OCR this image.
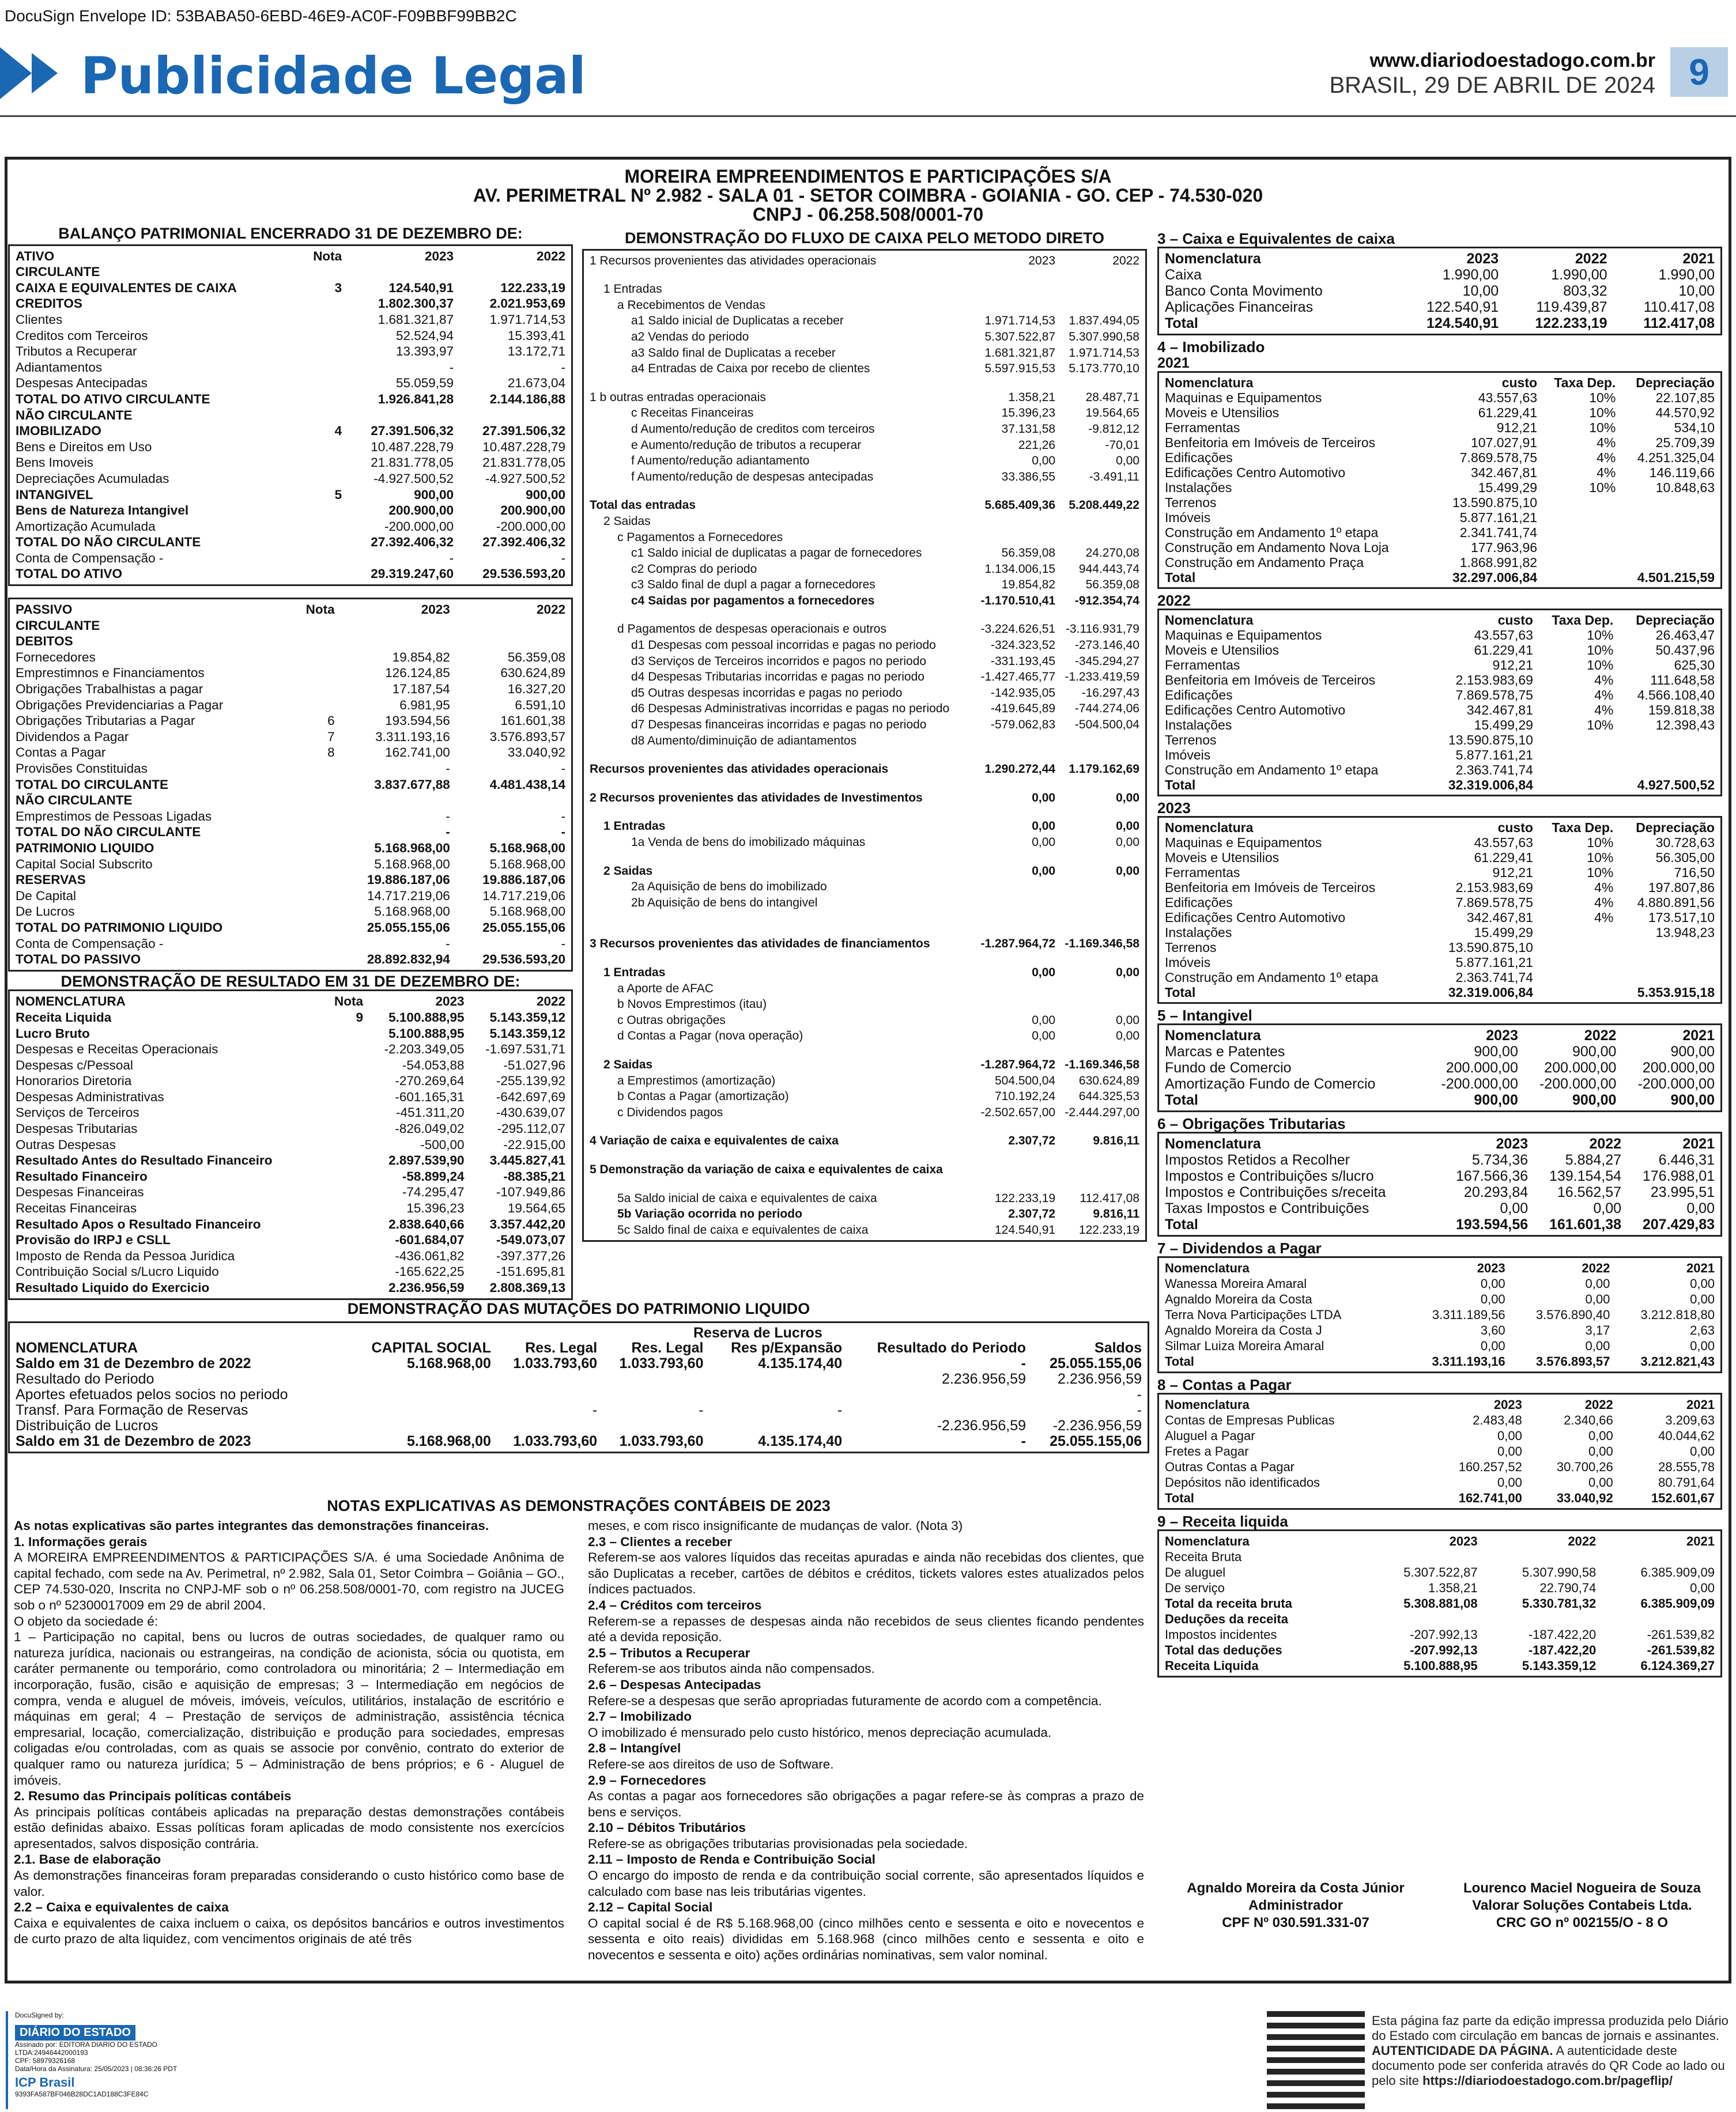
DocuSign Envelope ID: 53BABA50-6EBD-46E9-AC0F-F09BBF99BB2C
Publicidade Legal	www.diariodoestadogo.com.br
BRASIL, 29 DE ABRIL DE 2024 9
MOREIRA EMPREENDIMENTOS E PARTICIPAÇÕES S/A
AV. PERIMETRAL Nº 2.982 - SALA 01 - SETOR COIMBRA - GOIANIA - GO. CEP - 74.530-020
CNPJ - 06.258.508/0001-70
BALANÇO PATRIMONIAL ENCERRADO 31 DE DEZEMBRO DE:
ATIVO	Nota	2023	2022
CIRCULANTE			
CAIXA E EQUIVALENTES DE CAIXA	3	124.540,91	122.233,19
CREDITOS		1.802.300,37	2.021.953,69
Clientes		1.681.321,87	1.971.714,53
Creditos com Terceiros		52.524,94	15.393,41
Tributos a Recuperar		13.393,97	13.172,71
Adiantamentos		-	-
Despesas Antecipadas		55.059,59	21.673,04
TOTAL DO ATIVO CIRCULANTE		1.926.841,28	2.144.186,88
NÃO CIRCULANTE			
IMOBILIZADO	4	27.391.506,32	27.391.506,32
Bens e Direitos em Uso		10.487.228,79	10.487.228,79
Bens Imoveis		21.831.778,05	21.831.778,05
Depreciações Acumuladas		-4.927.500,52	-4.927.500,52
INTANGIVEL	5	900,00	900,00
Bens de Natureza Intangivel		200.900,00	200.900,00
Amortização Acumulada		-200.000,00	-200.000,00
TOTAL DO NÃO CIRCULANTE		27.392.406,32	27.392.406,32
Conta de Compensação -		-	-
TOTAL DO ATIVO		29.319.247,60	29.536.593,20
PASSIVO	Nota	2023	2022
CIRCULANTE			
DEBITOS			
Fornecedores		19.854,82	56.359,08
Emprestimnos e Financiamentos		126.124,85	630.624,89
Obrigações Trabalhistas a pagar		17.187,54	16.327,20
Obrigações Previdenciarias a Pagar		6.981,95	6.591,10
Obrigações Tributarias a Pagar	6	193.594,56	161.601,38
Dividendos a Pagar	7	3.311.193,16	3.576.893,57
Contas a Pagar	8	162.741,00	33.040,92
Provisões Constituidas		-	-
TOTAL DO CIRCULANTE		3.837.677,88	4.481.438,14
NÃO CIRCULANTE			
Emprestimos de Pessoas Ligadas		-	-
TOTAL DO NÃO CIRCULANTE		-	-
PATRIMONIO LIQUIDO		5.168.968,00	5.168.968,00
Capital Social Subscrito		5.168.968,00	5.168.968,00
RESERVAS		19.886.187,06	19.886.187,06
De Capital		14.717.219,06	14.717.219,06
De Lucros		5.168.968,00	5.168.968,00
TOTAL DO PATRIMONIO LIQUIDO		25.055.155,06	25.055.155,06
Conta de Compensação -		-	-
TOTAL DO PASSIVO		28.892.832,94	29.536.593,20
DEMONSTRAÇÃO DE RESULTADO EM 31 DE DEZEMBRO DE:
NOMENCLATURA	Nota	2023	2022
Receita Liquida	9	5.100.888,95	5.143.359,12
Lucro Bruto		5.100.888,95	5.143.359,12
Despesas e Receitas Operacionais		-2.203.349,05	-1.697.531,71
Despesas c/Pessoal		-54.053,88	-51.027,96
Honorarios Diretoria		-270.269,64	-255.139,92
Despesas Administrativas		-601.165,31	-642.697,69
Serviços de Terceiros		-451.311,20	-430.639,07
Despesas Tributarias		-826.049,02	-295.112,07
Outras Despesas		-500,00	-22.915,00
Resultado Antes do Resultado Financeiro		2.897.539,90	3.445.827,41
Resultado Financeiro		-58.899,24	-88.385,21
Despesas Financeiras		-74.295,47	-107.949,86
Receitas Financeiras		15.396,23	19.564,65
Resultado Apos o Resultado Financeiro		2.838.640,66	3.357.442,20
Provisão do IRPJ e CSLL		-601.684,07	-549.073,07
Imposto de Renda da Pessoa Juridica		-436.061,82	-397.377,26
Contribuição Social s/Lucro Liquido		-165.622,25	-151.695,81
Resultado Liquido do Exercicio		2.236.956,59	2.808.369,13
DEMONSTRAÇÃO DO FLUXO DE CAIXA PELO METODO DIRETO
1 Recursos provenientes das atividades operacionais	2023	2022

1 Entradas		
a Recebimentos de Vendas		
a1 Saldo inicial de Duplicatas a receber	1.971.714,53	1.837.494,05
a2 Vendas do periodo	5.307.522,87	5.307.990,58
a3 Saldo final de Duplicatas a receber	1.681.321,87	1.971.714,53
a4 Entradas de Caixa por recebo de clientes	5.597.915,53	5.173.770,10

1 b outras entradas operacionais	1.358,21	28.487,71
c Receitas Financeiras	15.396,23	19.564,65
d Aumento/redução de creditos com terceiros	37.131,58	-9.812,12
e Aumento/redução de tributos a recuperar	221,26	-70,01
f Aumento/redução adiantamento	0,00	0,00
f Aumento/redução de despesas antecipadas	33.386,55	-3.491,11

Total das entradas	5.685.409,36	5.208.449,22
2 Saidas		
c Pagamentos a Fornecedores		
c1 Saldo inicial de duplicatas a pagar de fornecedores	56.359,08	24.270,08
c2 Compras do periodo	1.134.006,15	944.443,74
c3 Saldo final de dupl a pagar a fornecedores	19.854,82	56.359,08
c4 Saidas por pagamentos a fornecedores	-1.170.510,41	-912.354,74

d Pagamentos de despesas operacionais e outros	-3.224.626,51	-3.116.931,79
d1 Despesas com pessoal incorridas e pagas no periodo	-324.323,52	-273.146,40
d3 Serviços de Terceiros incorridos e pagos no periodo	-331.193,45	-345.294,27
d4 Despesas Tributarias incorridas e pagas no periodo	-1.427.465,77	-1.233.419,59
d5 Outras despesas incorridas e pagas no periodo	-142.935,05	-16.297,43
d6 Despesas Administrativas incorridas e pagas no periodo	-419.645,89	-744.274,06
d7 Despesas financeiras incorridas e pagas no periodo	-579.062,83	-504.500,04
d8 Aumento/diminuição de adiantamentos		

Recursos provenientes das atividades operacionais	1.290.272,44	1.179.162,69

2 Recursos provenientes das atividades de Investimentos	0,00	0,00

1 Entradas	0,00	0,00
1a Venda de bens do imobilizado máquinas	0,00	0,00

2 Saidas	0,00	0,00
2a Aquisição de bens do imobilizado		
2b Aquisição de bens do intangivel		

3 Recursos provenientes das atividades de financiamentos	-1.287.964,72	-1.169.346,58

1 Entradas	0,00	0,00
a Aporte de AFAC		
b Novos Emprestimos (itau)		
c Outras obrigações	0,00	0,00
d Contas a Pagar (nova operação)	0,00	0,00

2 Saidas	-1.287.964,72	-1.169.346,58
a Emprestimos (amortização)	504.500,04	630.624,89
b Contas a Pagar (amortização)	710.192,24	644.325,53
c Dividendos pagos	-2.502.657,00	-2.444.297,00

4 Variação de caixa e equivalentes de caixa	2.307,72	9.816,11

5 Demonstração da variação de caixa e equivalentes de caixa		

5a Saldo inicial de caixa e equivalentes de caixa	122.233,19	112.417,08
5b Variação ocorrida no periodo	2.307,72	9.816,11
5c Saldo final de caixa e equivalentes de caixa	124.540,91	122.233,19
DEMONSTRAÇÃO DAS MUTAÇÕES DO PATRIMONIO LIQUIDO
Reserva de Lucros
NOMENCLATURA	CAPITAL SOCIAL	Res. Legal	Res. Legal	Res p/Expansão	Resultado do Periodo	Saldos
Saldo em 31 de Dezembro de 2022	5.168.968,00	1.033.793,60	1.033.793,60	4.135.174,40	-	25.055.155,06
Resultado do Periodo					2.236.956,59	2.236.956,59
Aportes efetuados pelos socios no periodo						-
Transf. Para Formação de Reservas		-	-	-		-
Distribuição de Lucros					-2.236.956,59	-2.236.956,59
Saldo em 31 de Dezembro de 2023	5.168.968,00	1.033.793,60	1.033.793,60	4.135.174,40	-	25.055.155,06
NOTAS EXPLICATIVAS AS DEMONSTRAÇÕES CONTÁBEIS DE 2023

As notas explicativas são partes integrantes das demonstrações financeiras.

1. Informações gerais

A MOREIRA EMPREENDIMENTOS & PARTICIPAÇÕES S/A. é uma Sociedade Anônima de capital fechado, com sede na Av. Perimetral, nº 2.982, Sala 01, Setor Coimbra – Goiânia – GO., CEP 74.530-020, Inscrita no CNPJ-MF sob o nº 06.258.508/0001-70, com registro na JUCEG sob o nº 52300017009 em 29 de abril 2004.

O objeto da sociedade é:

1 – Participação no capital, bens ou lucros de outras sociedades, de qualquer ramo ou natureza jurídica, nacionais ou estrangeiras, na condição de acionista, sócia ou quotista, em caráter permanente ou temporário, como controladora ou minoritária; 2 – Intermediação em incorporação, fusão, cisão e aquisição de empresas; 3 – Intermediação em negócios de compra, venda e aluguel de móveis, imóveis, veículos, utilitários, instalação de escritório e máquinas em geral; 4 – Prestação de serviços de administração, assistência técnica empresarial, locação, comercialização, distribuição e produção para sociedades, empresas coligadas e/ou controladas, com as quais se associe por convênio, contrato do exterior de qualquer ramo ou natureza jurídica; 5 – Administração de bens próprios; e 6 - Aluguel de imóveis.

2. Resumo das Principais políticas contábeis

As principais políticas contábeis aplicadas na preparação destas demonstrações contábeis estão definidas abaixo. Essas políticas foram aplicadas de modo consistente nos exercícios apresentados, salvos disposição contrária.

2.1. Base de elaboração

As demonstrações financeiras foram preparadas considerando o custo histórico como base de valor.

2.2 – Caixa e equivalentes de caixa

Caixa e equivalentes de caixa incluem o caixa, os depósitos bancários e outros investimentos de curto prazo de alta liquidez, com vencimentos originais de até três

meses, e com risco insignificante de mudanças de valor. (Nota 3)

2.3 – Clientes a receber

Referem-se aos valores líquidos das receitas apuradas e ainda não recebidas dos clientes, que são Duplicatas a receber, cartões de débitos e créditos, tickets valores estes atualizados pelos índices pactuados.

2.4 – Créditos com terceiros

Referem-se a repasses de despesas ainda não recebidos de seus clientes ficando pendentes até a devida reposição.

2.5 – Tributos a Recuperar

Referem-se aos tributos ainda não compensados.

2.6 – Despesas Antecipadas

Refere-se a despesas que serão apropriadas futuramente de acordo com a competência.

2.7 – Imobilizado

O imobilizado é mensurado pelo custo histórico, menos depreciação acumulada.

2.8 – Intangível

Refere-se aos direitos de uso de Software.

2.9 – Fornecedores

As contas a pagar aos fornecedores são obrigações a pagar refere-se às compras a prazo de bens e serviços.

2.10 – Débitos Tributários

Refere-se as obrigações tributarias provisionadas pela sociedade.

2.11 – Imposto de Renda e Contribuição Social

O encargo do imposto de renda e da contribuição social corrente, são apresentados líquidos e calculado com base nas leis tributárias vigentes.

2.12 – Capital Social

O capital social é de R$ 5.168.968,00 (cinco milhões cento e sessenta e oito e novecentos e sessenta e oito reais) divididas em 5.168.968 (cinco milhões cento e sessenta e oito e novecentos e sessenta e oito) ações ordinárias nominativas, sem valor nominal.

3 – Caixa e Equivalentes de caixa
Nomenclatura	2023	2022	2021
Caixa	1.990,00	1.990,00	1.990,00
Banco Conta Movimento	10,00	803,32	10,00
Aplicações Financeiras	122.540,91	119.439,87	110.417,08
Total	124.540,91	122.233,19	112.417,08
4 – Imobilizado
2021
Nomenclatura	custo	Taxa Dep.	Depreciação
Maquinas e Equipamentos	43.557,63	10%	22.107,85
Moveis e Utensilios	61.229,41	10%	44.570,92
Ferramentas	912,21	10%	534,10
Benfeitoria em Imóveis de Terceiros	107.027,91	4%	25.709,39
Edificações	7.869.578,75	4%	4.251.325,04
Edificações Centro Automotivo	342.467,81	4%	146.119,66
Instalações	15.499,29	10%	10.848,63
Terrenos	13.590.875,10		
Imóveis	5.877.161,21		
Construção em Andamento 1º etapa	2.341.741,74		
Construção em Andamento Nova Loja	177.963,96		
Construção em Andamento Praça	1.868.991,82		
Total	32.297.006,84		4.501.215,59
2022
Nomenclatura	custo	Taxa Dep.	Depreciação
Maquinas e Equipamentos	43.557,63	10%	26.463,47
Moveis e Utensilios	61.229,41	10%	50.437,96
Ferramentas	912,21	10%	625,30
Benfeitoria em Imóveis de Terceiros	2.153.983,69	4%	111.648,58
Edificações	7.869.578,75	4%	4.566.108,40
Edificações Centro Automotivo	342.467,81	4%	159.818,38
Instalações	15.499,29	10%	12.398,43
Terrenos	13.590.875,10		
Imóveis	5.877.161,21		
Construção em Andamento 1º etapa	2.363.741,74		
Total	32.319.006,84		4.927.500,52
2023
Nomenclatura	custo	Taxa Dep.	Depreciação
Maquinas e Equipamentos	43.557,63	10%	30.728,63
Moveis e Utensilios	61.229,41	10%	56.305,00
Ferramentas	912,21	10%	716,50
Benfeitoria em Imóveis de Terceiros	2.153.983,69	4%	197.807,86
Edificações	7.869.578,75	4%	4.880.891,56
Edificações Centro Automotivo	342.467,81	4%	173.517,10
Instalações	15.499,29		13.948,23
Terrenos	13.590.875,10		
Imóveis	5.877.161,21		
Construção em Andamento 1º etapa	2.363.741,74		
Total	32.319.006,84		5.353.915,18
5 – Intangivel
Nomenclatura	2023	2022	2021
Marcas e Patentes	900,00	900,00	900,00
Fundo de Comercio	200.000,00	200.000,00	200.000,00
Amortização Fundo de Comercio	-200.000,00	-200.000,00	-200.000,00
Total	900,00	900,00	900,00
6 – Obrigações Tributarias
Nomenclatura	2023	2022	2021
Impostos Retidos a Recolher	5.734,36	5.884,27	6.446,31
Impostos e Contribuições s/lucro	167.566,36	139.154,54	176.988,01
Impostos e Contribuições s/receita	20.293,84	16.562,57	23.995,51
Taxas Impostos e Contribuições	0,00	0,00	0,00
Total	193.594,56	161.601,38	207.429,83
7 – Dividendos a Pagar
Nomenclatura	2023	2022	2021
Wanessa Moreira Amaral	0,00	0,00	0,00
Agnaldo Moreira da Costa	0,00	0,00	0,00
Terra Nova Participações LTDA	3.311.189,56	3.576.890,40	3.212.818,80
Agnaldo Moreira da Costa J	3,60	3,17	2,63
Silmar Luiza Moreira Amaral	0,00	0,00	0,00
Total	3.311.193,16	3.576.893,57	3.212.821,43
8 – Contas a Pagar
Nomenclatura	2023	2022	2021
Contas de Empresas Publicas	2.483,48	2.340,66	3.209,63
Aluguel a Pagar	0,00	0,00	40.044,62
Fretes a Pagar	0,00	0,00	0,00
Outras Contas a Pagar	160.257,52	30.700,26	28.555,78
Depósitos não identificados	0,00	0,00	80.791,64
Total	162.741,00	33.040,92	152.601,67
9 – Receita liquida
Nomenclatura	2023	2022	2021
Receita Bruta			
De aluguel	5.307.522,87	5.307.990,58	6.385.909,09
De serviço	1.358,21	22.790,74	0,00
Total da receita bruta	5.308.881,08	5.330.781,32	6.385.909,09
Deduções da receita			
Impostos incidentes	-207.992,13	-187.422,20	-261.539,82
Total das deduções	-207.992,13	-187.422,20	-261.539,82
Receita Liquida	5.100.888,95	5.143.359,12	6.124.369,27
Agnaldo Moreira da Costa Júnior
Administrador
CPF Nº 030.591.331-07
Lourenco Maciel Nogueira de Souza
Valorar Soluções Contabeis Ltda.
CRC GO nº 002155/O - 8 O
DocuSigned by:
DIÁRIO DO ESTADO
Assinado por: EDITORA DIARIO DO ESTADO LTDA:24946442000193
CPF: 58979326168
Data/Hora da Assinatura: 25/05/2023 | 08:36:26 PDT
ICP Brasil
9393FA587BF046B28DC1AD188C3FE84C
Esta página faz parte da edição impressa produzida pelo Diário do Estado com circulação em bancas de jornais e assinantes. AUTENTICIDADE DA PÁGINA. A autenticidade deste documento pode ser conferida através do QR Code ao lado ou pelo site https://diariodoestadogo.com.br/pageflip/
